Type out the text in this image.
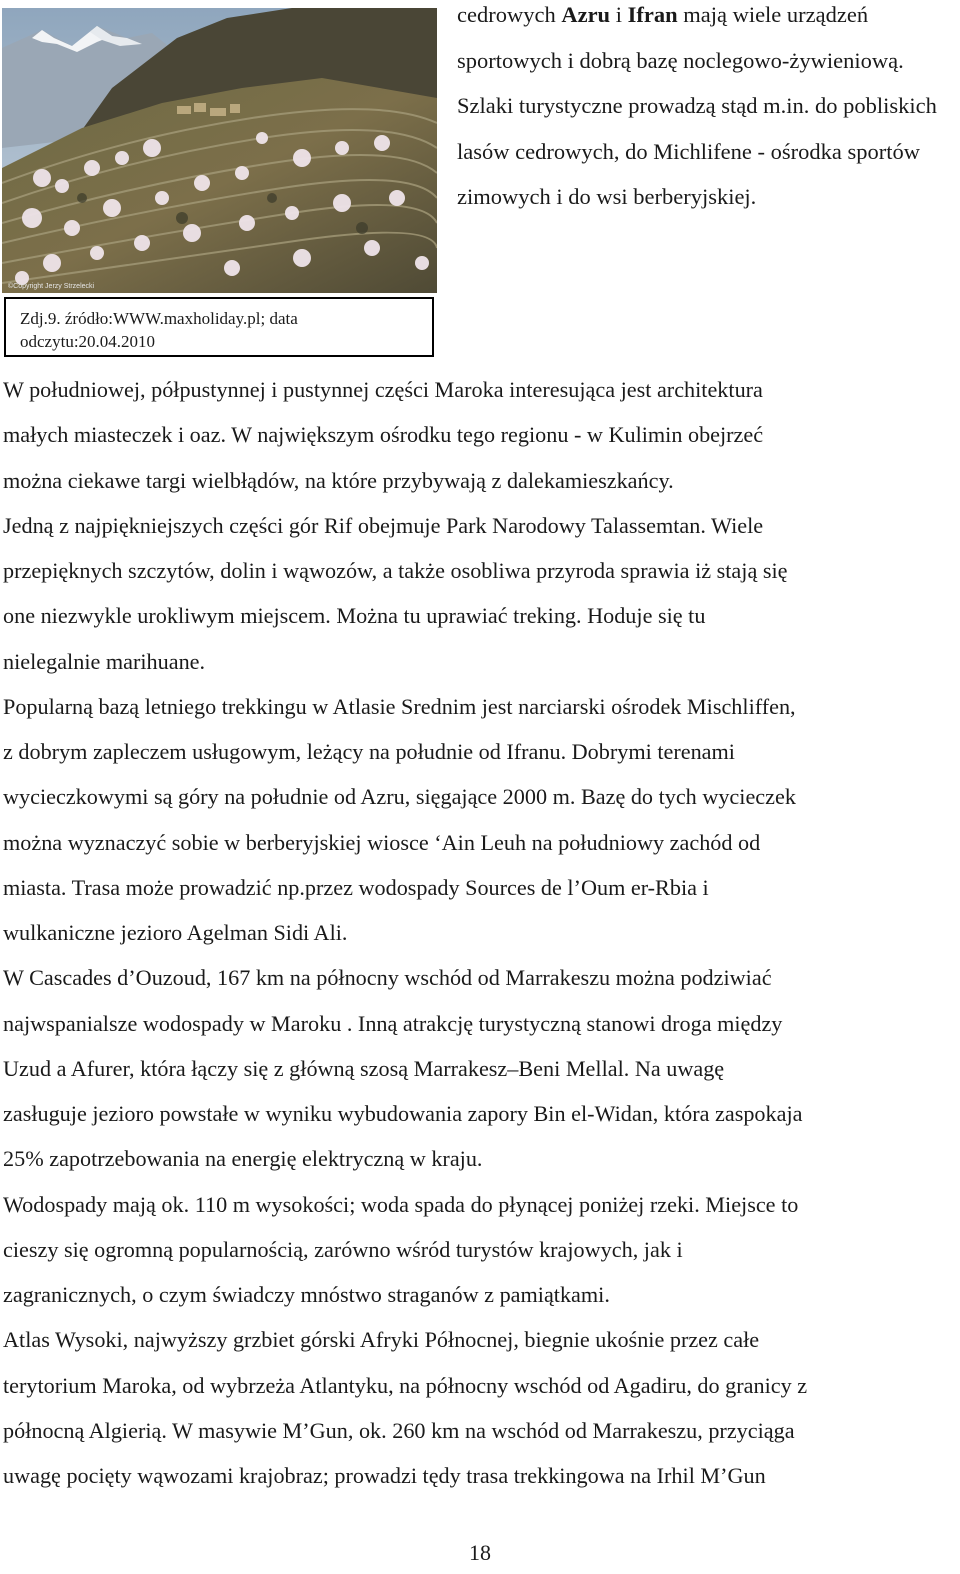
©Copyright Jerzy Strzelecki
Zdj.9. źródło:WWW.maxholiday.pl; data
odczytu:20.04.2010

cedrowych Azru i Ifran mają wiele urządzeń sportowych i dobrą bazę noclegowo-żywieniową. Szlaki turystyczne prowadzą stąd m.in. do pobliskich lasów cedrowych, do Michlifene - ośrodka sportów zimowych i do wsi berberyjskiej.

W południowej, półpustynnej i pustynnej części Maroka interesująca jest architektura
małych miasteczek i oaz. W największym ośrodku tego regionu - w Kulimin obejrzeć
można ciekawe targi wielbłądów, na które przybywają z dalekamieszkańcy.
Jedną z najpiękniejszych części gór Rif obejmuje Park Narodowy Talassemtan. Wiele
przepięknych szczytów, dolin i wąwozów, a także osobliwa przyroda sprawia iż stają się
one niezwykle urokliwym miejscem. Można tu uprawiać treking. Hoduje się tu
nielegalnie marihuane.
Popularną bazą letniego trekkingu w Atlasie Srednim jest narciarski ośrodek Mischliffen,
z dobrym zapleczem usługowym, leżący na południe od Ifranu. Dobrymi terenami
wycieczkowymi są góry na południe od Azru, sięgające 2000 m. Bazę do tych wycieczek
można wyznaczyć sobie w berberyjskiej wiosce ‘Ain Leuh na południowy zachód od
miasta. Trasa może prowadzić np.przez wodospady Sources de l’Oum er-Rbia i
wulkaniczne jezioro Agelman Sidi Ali.
W Cascades d’Ouzoud, 167 km na północny wschód od Marrakeszu można podziwiać
najwspanialsze wodospady w Maroku . Inną atrakcję turystyczną stanowi droga między
Uzud a Afurer, która łączy się z główną szosą Marrakesz–Beni Mellal. Na uwagę
zasługuje jezioro powstałe w wyniku wybudowania zapory Bin el-Widan, która zaspokaja
25% zapotrzebowania na energię elektryczną w kraju.
Wodospady mają ok. 110 m wysokości; woda spada do płynącej poniżej rzeki. Miejsce to
cieszy się ogromną popularnością, zarówno wśród turystów krajowych, jak i
zagranicznych, o czym świadczy mnóstwo straganów z pamiątkami.
Atlas Wysoki, najwyższy grzbiet górski Afryki Północnej, biegnie ukośnie przez całe
terytorium Maroka, od wybrzeża Atlantyku, na północny wschód od Agadiru, do granicy z
północną Algierią. W masywie M’Gun, ok. 260 km na wschód od Marrakeszu, przyciąga
uwagę pocięty wąwozami krajobraz; prowadzi tędy trasa trekkingowa na Irhil M’Gun
18
